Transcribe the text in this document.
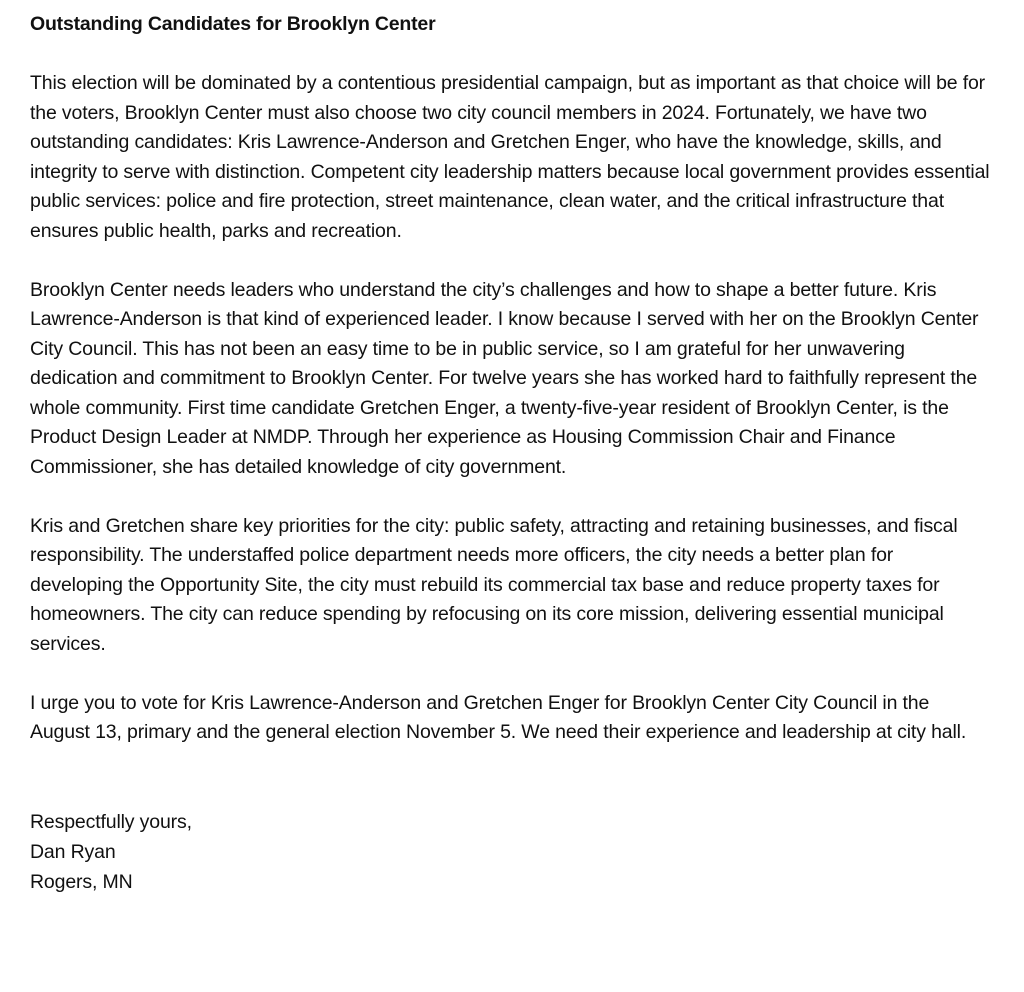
Outstanding Candidates for Brooklyn Center

This election will be dominated by a contentious presidential campaign, but as important as that choice will be for the voters, Brooklyn Center must also choose two city council members in 2024. Fortunately, we have two outstanding candidates: Kris Lawrence-Anderson and Gretchen Enger, who have the knowledge, skills, and integrity to serve with distinction. Competent city leadership matters because local government provides essential public services: police and fire protection, street maintenance, clean water, and the critical infrastructure that ensures public health, parks and recreation.

Brooklyn Center needs leaders who understand the city’s challenges and how to shape a better future. Kris Lawrence-Anderson is that kind of experienced leader. I know because I served with her on the Brooklyn Center City Council. This has not been an easy time to be in public service, so I am grateful for her unwavering dedication and commitment to Brooklyn Center. For twelve years she has worked hard to faithfully represent the whole community. First time candidate Gretchen Enger, a twenty-five-year resident of Brooklyn Center, is the Product Design Leader at NMDP. Through her experience as Housing Commission Chair and Finance Commissioner, she has detailed knowledge of city government.

Kris and Gretchen share key priorities for the city: public safety, attracting and retaining businesses, and fiscal responsibility. The understaffed police department needs more officers, the city needs a better plan for developing the Opportunity Site, the city must rebuild its commercial tax base and reduce property taxes for homeowners. The city can reduce spending by refocusing on its core mission, delivering essential municipal services.

I urge you to vote for Kris Lawrence-Anderson and Gretchen Enger for Brooklyn Center City Council in the August 13, primary and the general election November 5. We need their experience and leadership at city hall.

Respectfully yours,
Dan Ryan
Rogers, MN
